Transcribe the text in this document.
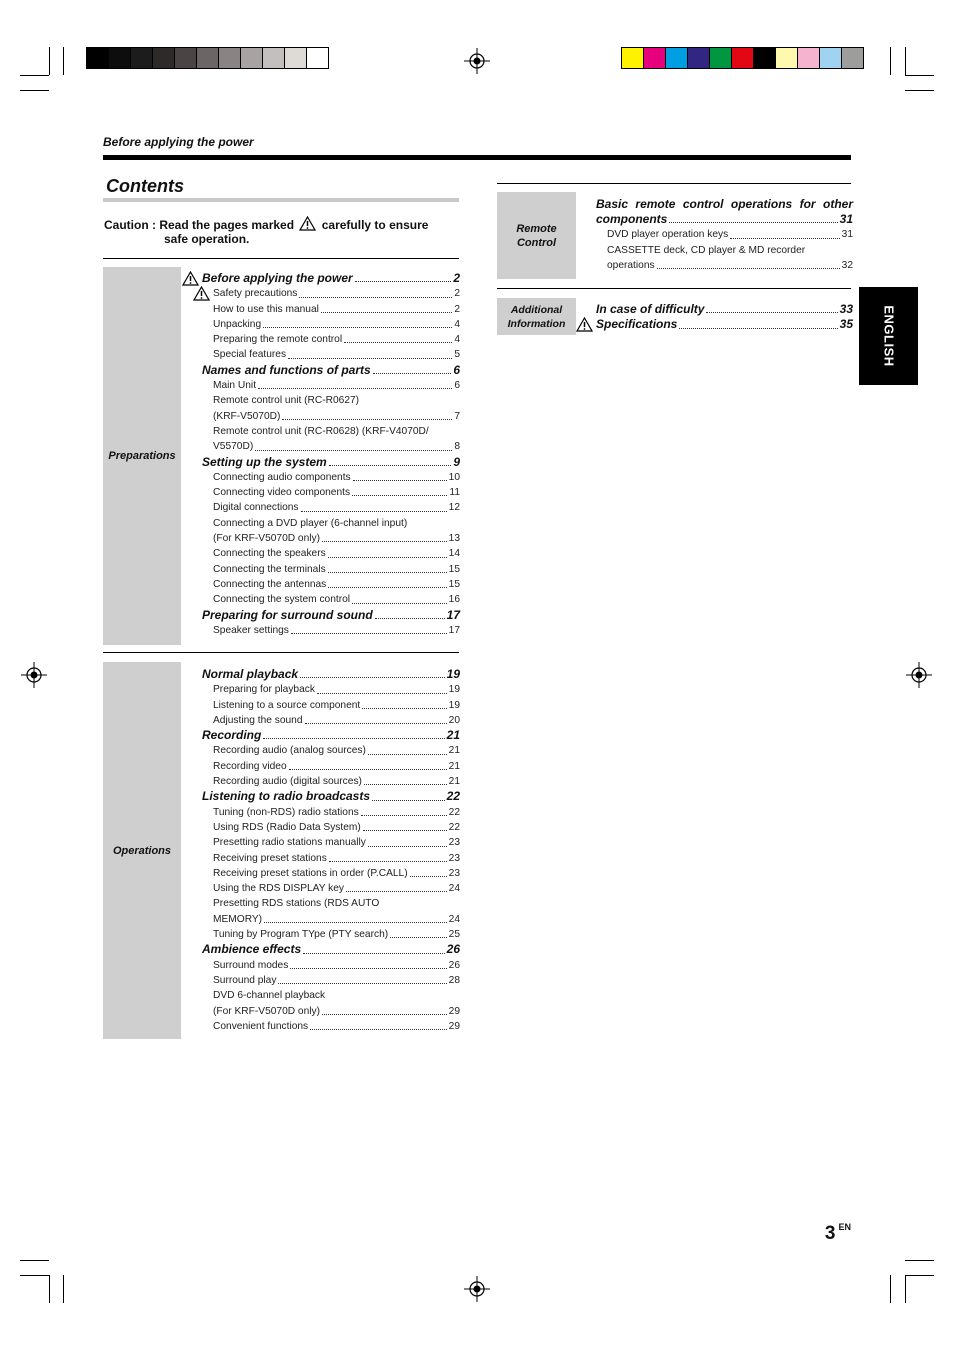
Before applying the power
Contents
Caution : Read the pages marked carefully to ensure
safe operation.
Preparations
Before applying the power	2
Safety precautions	2
How to use this manual	2
Unpacking	4
Preparing the remote control	4
Special features	5
Names and functions of parts	6
Main Unit	6
Remote control unit (RC-R0627)
(KRF-V5070D)	7
Remote control unit (RC-R0628) (KRF-V4070D/
V5570D)	8
Setting up the system	9
Connecting audio components	10
Connecting video components	11
Digital connections	12
Connecting a DVD player (6-channel input)
(For KRF-V5070D only)	13
Connecting the speakers	14
Connecting the terminals	15
Connecting the antennas	15
Connecting the system control	16
Preparing for surround sound	17
Speaker settings	17
Operations
Normal playback	19
Preparing for playback	19
Listening to a source component	19
Adjusting the sound	20
Recording	21
Recording audio (analog sources)	21
Recording video	21
Recording audio (digital sources)	21
Listening to radio broadcasts	22
Tuning (non-RDS) radio stations	22
Using RDS (Radio Data System)	22
Presetting radio stations manually	23
Receiving preset stations	23
Receiving preset stations in order (P.CALL)	23
Using the RDS DISPLAY key	24
Presetting RDS stations (RDS AUTO
MEMORY)	24
Tuning by Program TYpe (PTY search)	25
Ambience effects	26
Surround modes	26
Surround play	28
DVD 6-channel playback
(For KRF-V5070D only)	29
Convenient functions	29
Remote
Control
Basic remote control operations for other
components	31
DVD player operation keys	31
CASSETTE deck, CD player & MD recorder
operations	32
Additional
Information
In case of difficulty	33
Specifications	35 ENGLISH
3 $^{EN}$
